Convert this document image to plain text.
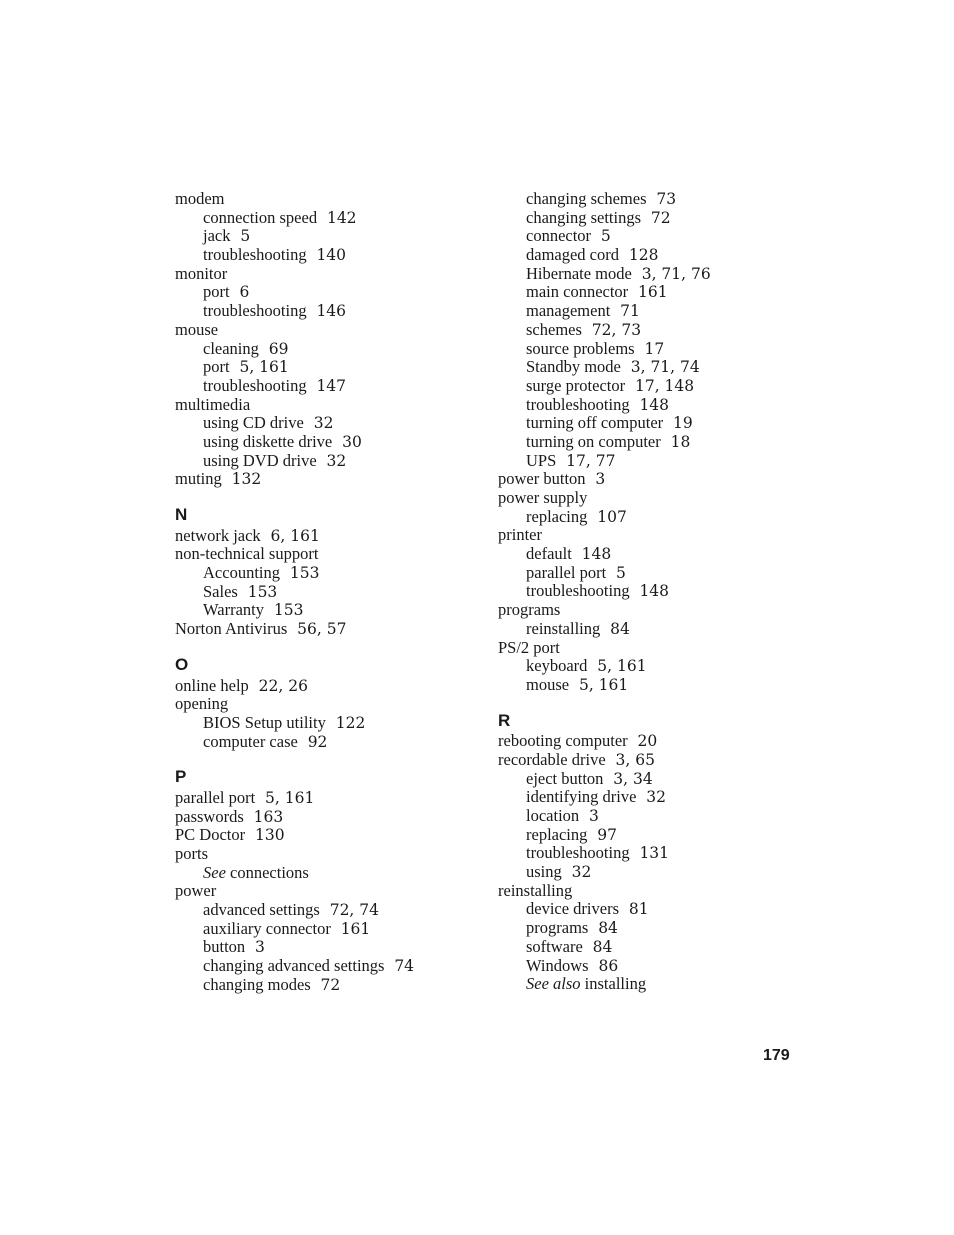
modem
connection speed 142
jack 5
troubleshooting 140
monitor
port 6
troubleshooting 146
mouse
cleaning 69
port 5, 161
troubleshooting 147
multimedia
using CD drive 32
using diskette drive 30
using DVD drive 32
muting 132
N
network jack 6, 161
non-technical support
Accounting 153
Sales 153
Warranty 153
Norton Antivirus 56, 57
O
online help 22, 26
opening
BIOS Setup utility 122
computer case 92
P
parallel port 5, 161
passwords 163
PC Doctor 130
ports
See connections
power
advanced settings 72, 74
auxiliary connector 161
button 3
changing advanced settings 74
changing modes 72
changing schemes 73
changing settings 72
connector 5
damaged cord 128
Hibernate mode 3, 71, 76
main connector 161
management 71
schemes 72, 73
source problems 17
Standby mode 3, 71, 74
surge protector 17, 148
troubleshooting 148
turning off computer 19
turning on computer 18
UPS 17, 77
power button 3
power supply
replacing 107
printer
default 148
parallel port 5
troubleshooting 148
programs
reinstalling 84
PS/2 port
keyboard 5, 161
mouse 5, 161
R
rebooting computer 20
recordable drive 3, 65
eject button 3, 34
identifying drive 32
location 3
replacing 97
troubleshooting 131
using 32
reinstalling
device drivers 81
programs 84
software 84
Windows 86
See also installing
179
